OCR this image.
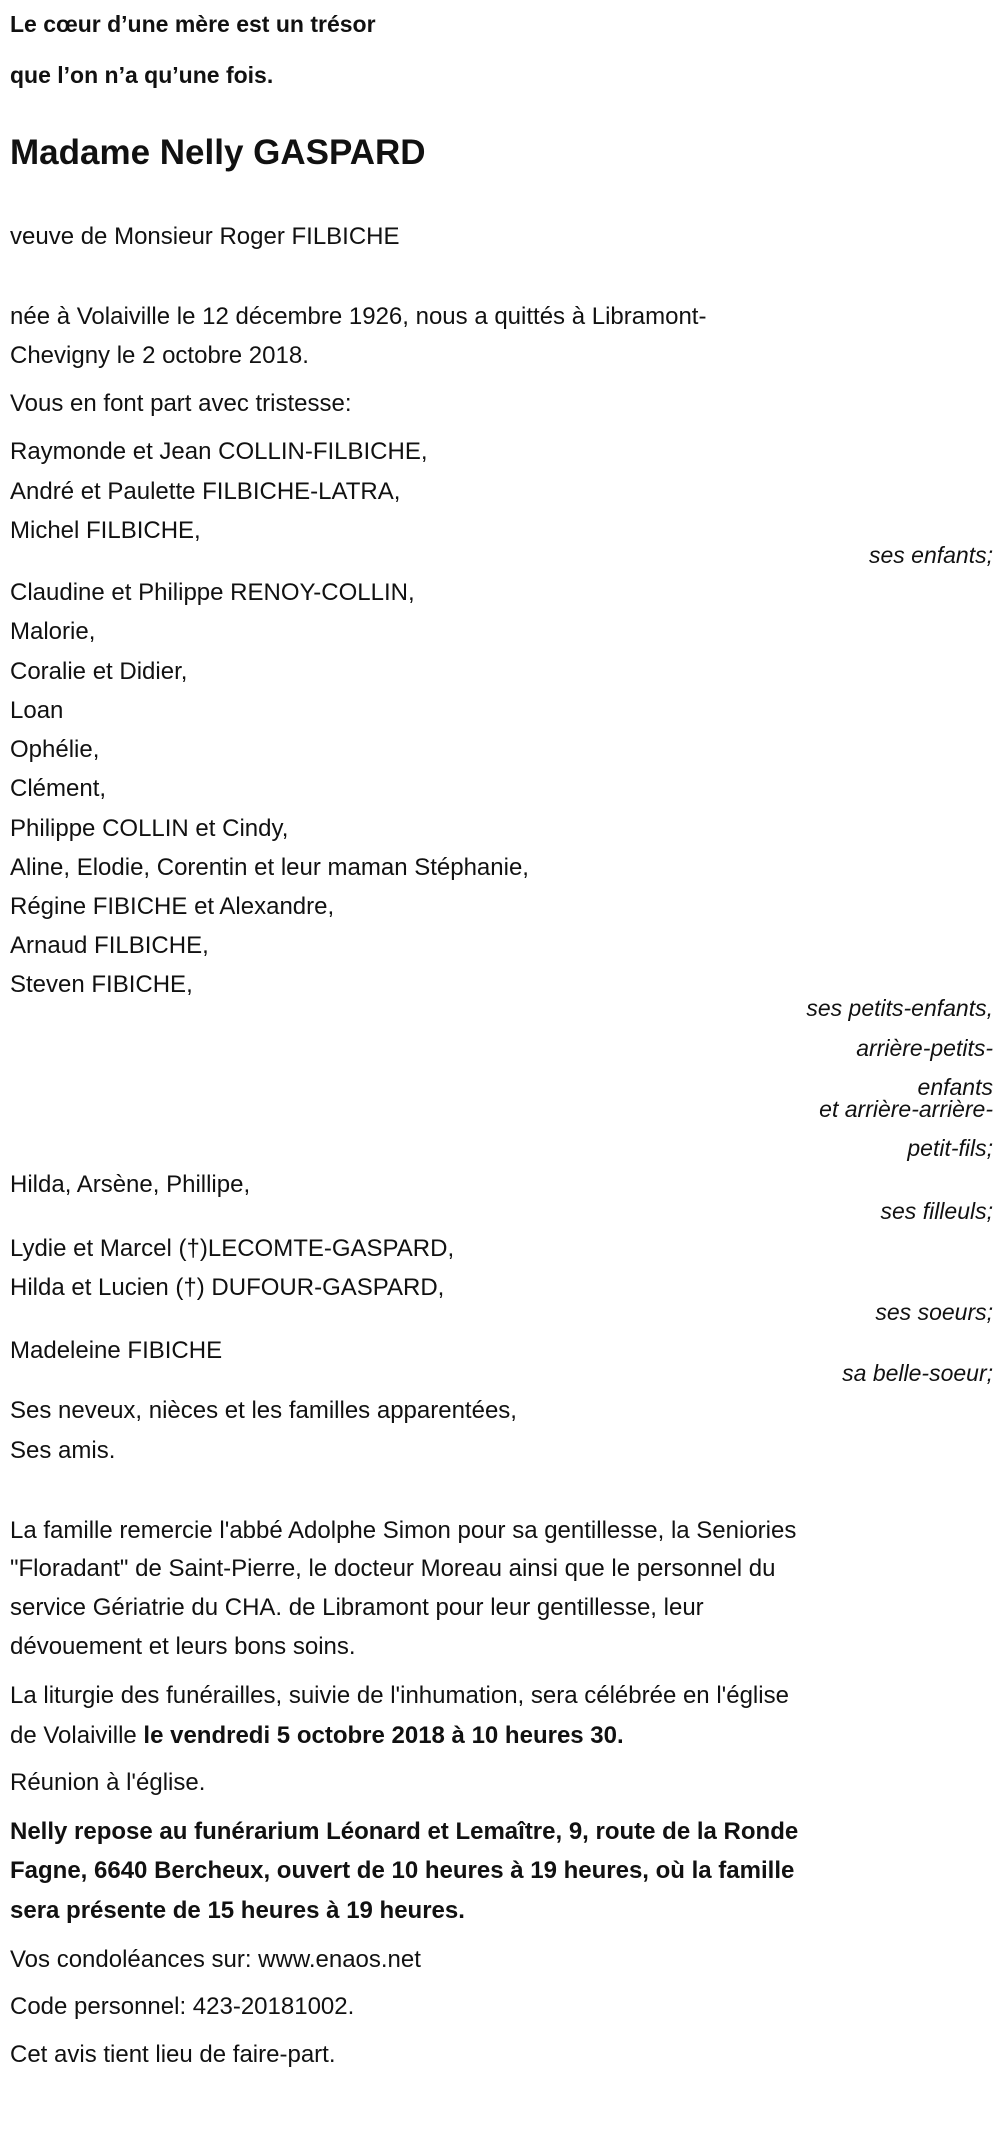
Le cœur d’une mère est un trésor
que l’on n’a qu’une fois.
Madame Nelly GASPARD
veuve de Monsieur Roger FILBICHE
née à Volaiville le 12 décembre 1926, nous a quittés à Libramont-
Chevigny le 2 octobre 2018.
Vous en font part avec tristesse:
Raymonde et Jean COLLIN-FILBICHE,
André et Paulette FILBICHE-LATRA,
Michel FILBICHE,
ses enfants;
Claudine et Philippe RENOY-COLLIN,
Malorie,
Coralie et Didier,
Loan
Ophélie,
Clément,
Philippe COLLIN et Cindy,
Aline, Elodie, Corentin et leur maman Stéphanie,
Régine FIBICHE et Alexandre,
Arnaud FILBICHE,
Steven FIBICHE,
ses petits-enfants,
arrière-petits-
enfants
et arrière-arrière-
petit-fils;
Hilda, Arsène, Phillipe,
ses filleuls;
Lydie et Marcel (†)LECOMTE-GASPARD,
Hilda et Lucien (†) DUFOUR-GASPARD,
ses soeurs;
Madeleine FIBICHE
sa belle-soeur;
Ses neveux, nièces et les familles apparentées,
Ses amis.
La famille remercie l'abbé Adolphe Simon pour sa gentillesse, la Seniories
"Floradant" de Saint-Pierre, le docteur Moreau ainsi que le personnel du
service Gériatrie du CHA. de Libramont pour leur gentillesse, leur
dévouement et leurs bons soins.
La liturgie des funérailles, suivie de l'inhumation, sera célébrée en l'église
de Volaiville le vendredi 5 octobre 2018 à 10 heures 30.
Réunion à l'église.
Nelly repose au funérarium Léonard et Lemaître, 9, route de la Ronde
Fagne, 6640 Bercheux, ouvert de 10 heures à 19 heures, où la famille
sera présente de 15 heures à 19 heures.
Vos condoléances sur: www.enaos.net
Code personnel: 423-20181002.
Cet avis tient lieu de faire-part.
